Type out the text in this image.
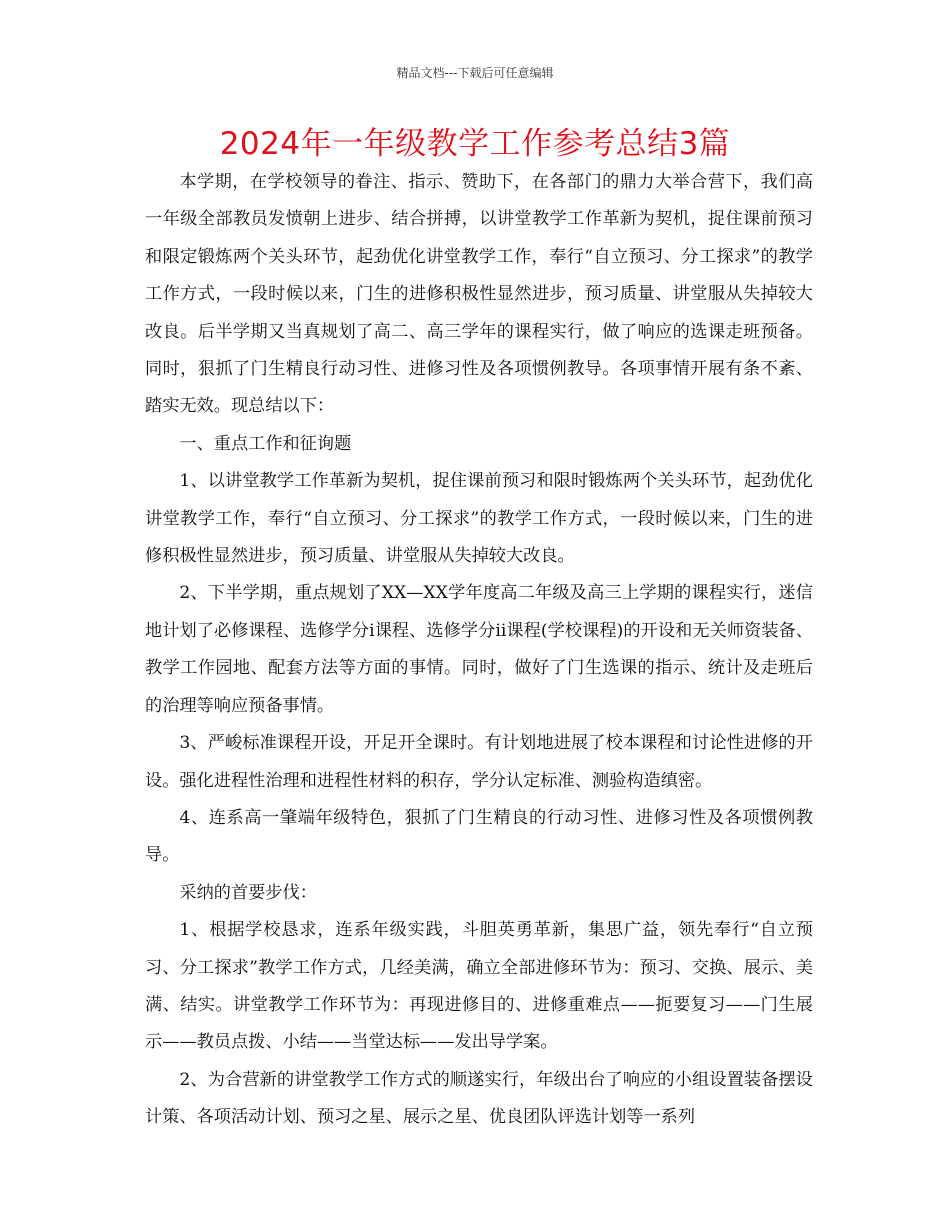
精品文档---下载后可任意编辑
2024年一年级教学工作参考总结3篇

本学期，在学校领导的眷注、指示、赞助下，在各部门的鼎力大举合营下，我们高一年级全部教员发愤朝上进步、结合拼搏，以讲堂教学工作革新为契机，捉住课前预习和限定锻炼两个关头环节，起劲优化讲堂教学工作，奉行“自立预习、分工探求”的教学工作方式，一段时候以来，门生的进修积极性显然进步，预习质量、讲堂服从失掉较大改良。后半学期又当真规划了高二、高三学年的课程实行，做了响应的选课走班预备。同时，狠抓了门生精良行动习性、进修习性及各项惯例教导。各项事情开展有条不紊、踏实无效。现总结以下：

一、重点工作和征询题

1、以讲堂教学工作革新为契机，捉住课前预习和限时锻炼两个关头环节，起劲优化讲堂教学工作，奉行“自立预习、分工探求”的教学工作方式，一段时候以来，门生的进修积极性显然进步，预习质量、讲堂服从失掉较大改良。

2、下半学期，重点规划了XX—XX学年度高二年级及高三上学期的课程实行，迷信地计划了必修课程、选修学分ⅰ课程、选修学分ⅱ课程(学校课程)的开设和无关师资装备、教学工作园地、配套方法等方面的事情。同时，做好了门生选课的指示、统计及走班后的治理等响应预备事情。

3、严峻标准课程开设，开足开全课时。有计划地进展了校本课程和讨论性进修的开设。强化进程性治理和进程性材料的积存，学分认定标准、测验构造缜密。

4、连系高一肇端年级特色，狠抓了门生精良的行动习性、进修习性及各项惯例教导。

采纳的首要步伐：

1、根据学校恳求，连系年级实践，斗胆英勇革新，集思广益，领先奉行“自立预习、分工探求”教学工作方式，几经美满，确立全部进修环节为：预习、交换、展示、美满、结实。讲堂教学工作环节为：再现进修目的、进修重难点——扼要复习——门生展示——教员点拨、小结——当堂达标——发出导学案。

2、为合营新的讲堂教学工作方式的顺遂实行，年级出台了响应的小组设置装备摆设计策、各项活动计划、预习之星、展示之星、优良团队评选计划等一系列
